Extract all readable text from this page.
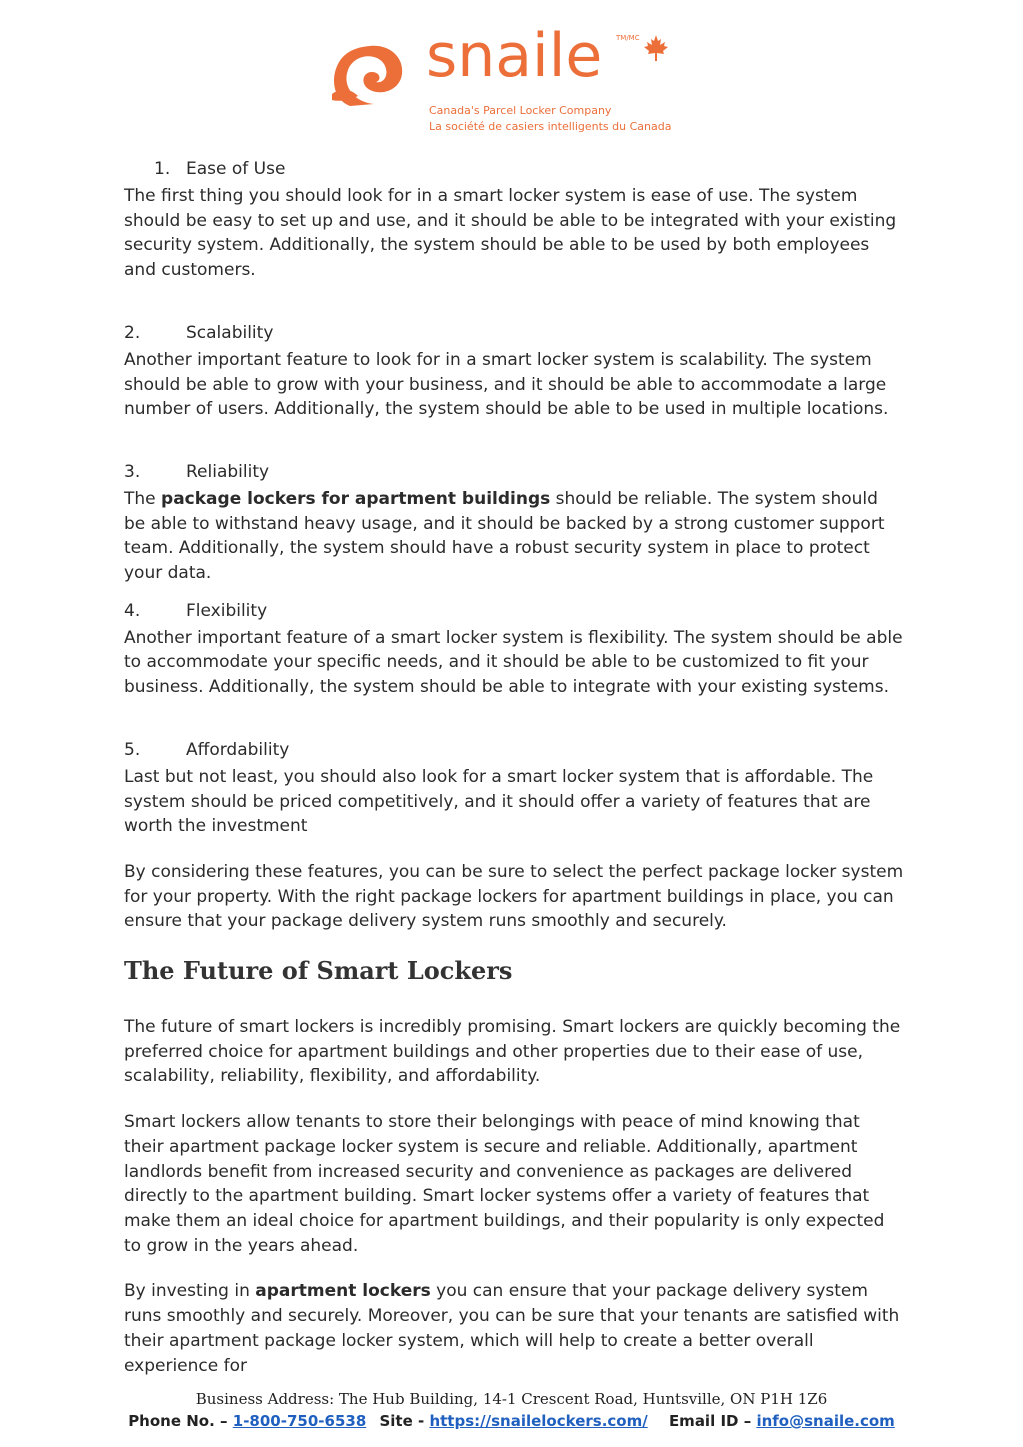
snaile TM/MC
Canada's Parcel Locker Company
La société de casiers intelligents du Canada
1. Ease of Use

The first thing you should look for in a smart locker system is ease of use. The system should be easy to set up and use, and it should be able to be integrated with your existing security system. Additionally, the system should be able to be used by both employees and customers.

2.	Scalability

Another important feature to look for in a smart locker system is scalability. The system should be able to grow with your business, and it should be able to accommodate a large number of users. Additionally, the system should be able to be used in multiple locations.

3.	Reliability

The package lockers for apartment buildings should be reliable. The system should be able to withstand heavy usage, and it should be backed by a strong customer support team. Additionally, the system should have a robust security system in place to protect your data.

4.	Flexibility

Another important feature of a smart locker system is flexibility. The system should be able to accommodate your specific needs, and it should be able to be customized to fit your business. Additionally, the system should be able to integrate with your existing systems.

5.	Affordability

Last but not least, you should also look for a smart locker system that is affordable. The system should be priced competitively, and it should offer a variety of features that are worth the investment

By considering these features, you can be sure to select the perfect package locker system for your property. With the right package lockers for apartment buildings in place, you can ensure that your package delivery system runs smoothly and securely.

The Future of Smart Lockers

The future of smart lockers is incredibly promising. Smart lockers are quickly becoming the preferred choice for apartment buildings and other properties due to their ease of use, scalability, reliability, flexibility, and affordability.

Smart lockers allow tenants to store their belongings with peace of mind knowing that their apartment package locker system is secure and reliable. Additionally, apartment landlords benefit from increased security and convenience as packages are delivered directly to the apartment building. Smart locker systems offer a variety of features that make them an ideal choice for apartment buildings, and their popularity is only expected to grow in the years ahead.

By investing in apartment lockers you can ensure that your package delivery system runs smoothly and securely. Moreover, you can be sure that your tenants are satisfied with their apartment package locker system, which will help to create a better overall experience for

Business Address: The Hub Building, 14-1 Crescent Road, Huntsville, ON P1H 1Z6
Phone No. – 1-800-750-6538 Site - https://snailelockers.com/ Email ID – info@snaile.com
